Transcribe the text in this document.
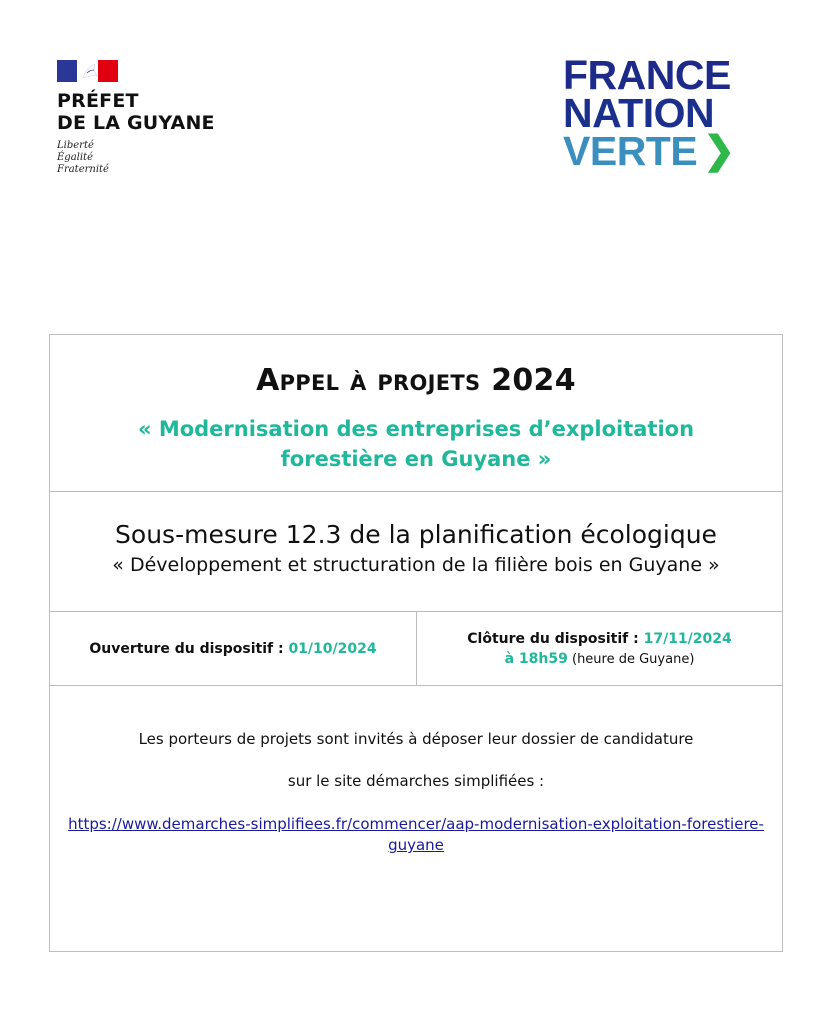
PRÉFET
DE LA GUYANE
Liberté
Égalité
Fraternité
FRANCE
NATION
VERTE ❯
Appel à projets 2024
« Modernisation des entreprises d’exploitation forestière en Guyane »
Sous-mesure 12.3 de la planification écologique
« Développement et structuration de la filière bois en Guyane »
Ouverture du dispositif : 01/10/2024
Clôture du dispositif : 17/11/2024
à 18h59 (heure de Guyane)
Les porteurs de projets sont invités à déposer leur dossier de candidature
sur le site démarches simplifiées :
https://www.demarches-simplifiees.fr/commencer/aap-modernisation-exploitation-forestiere-guyane
